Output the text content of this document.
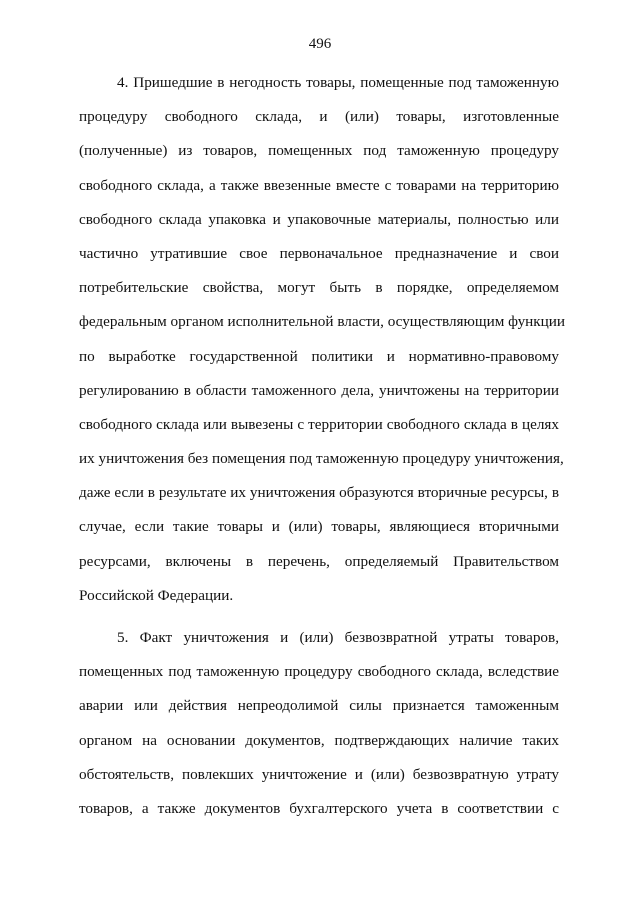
496
4. Пришедшие в негодность товары, помещенные под таможенную
процедуру свободного склада, и (или) товары, изготовленные
(полученные) из товаров, помещенных под таможенную процедуру
свободного склада, а также ввезенные вместе с товарами на территорию
свободного склада упаковка и упаковочные материалы, полностью или
частично утратившие свое первоначальное предназначение и свои
потребительские свойства, могут быть в порядке, определяемом
федеральным органом исполнительной власти, осуществляющим функции
по выработке государственной политики и нормативно-правовому
регулированию в области таможенного дела, уничтожены на территории
свободного склада или вывезены с территории свободного склада в целях
их уничтожения без помещения под таможенную процедуру уничтожения,
даже если в результате их уничтожения образуются вторичные ресурсы, в
случае, если такие товары и (или) товары, являющиеся вторичными
ресурсами, включены в перечень, определяемый Правительством
Российской Федерации.
5. Факт уничтожения и (или) безвозвратной утраты товаров,
помещенных под таможенную процедуру свободного склада, вследствие
аварии или действия непреодолимой силы признается таможенным
органом на основании документов, подтверждающих наличие таких
обстоятельств, повлекших уничтожение и (или) безвозвратную утрату
товаров, а также документов бухгалтерского учета в соответствии с
